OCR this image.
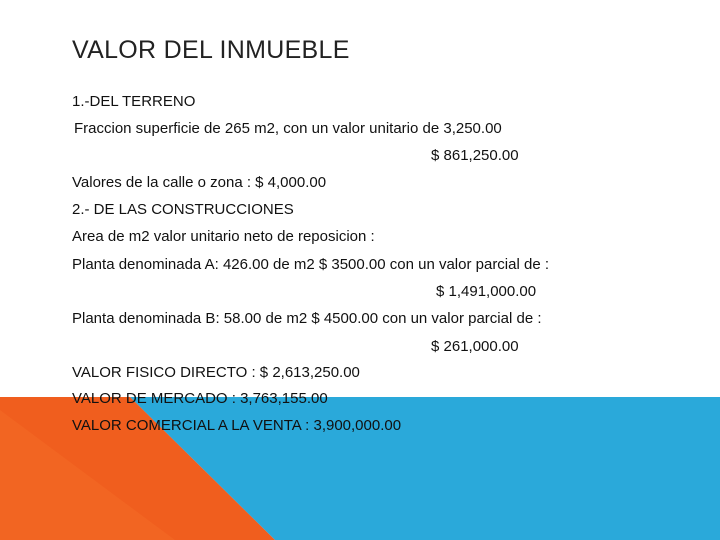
VALOR DEL INMUEBLE
1.-DEL TERRENO
Fraccion superficie de 265 m2, con un valor unitario de 3,250.00
$ 861,250.00
Valores de la calle o zona : $ 4,000.00
2.- DE LAS CONSTRUCCIONES
Area de m2 valor unitario neto de reposicion :
Planta denominada A: 426.00 de m2 $ 3500.00 con un valor parcial de :
$ 1,491,000.00
Planta denominada B: 58.00 de m2 $ 4500.00 con un valor parcial de :
$ 261,000.00
VALOR FISICO DIRECTO : $ 2,613,250.00
VALOR DE MERCADO : 3,763,155.00
VALOR COMERCIAL A LA VENTA : 3,900,000.00
